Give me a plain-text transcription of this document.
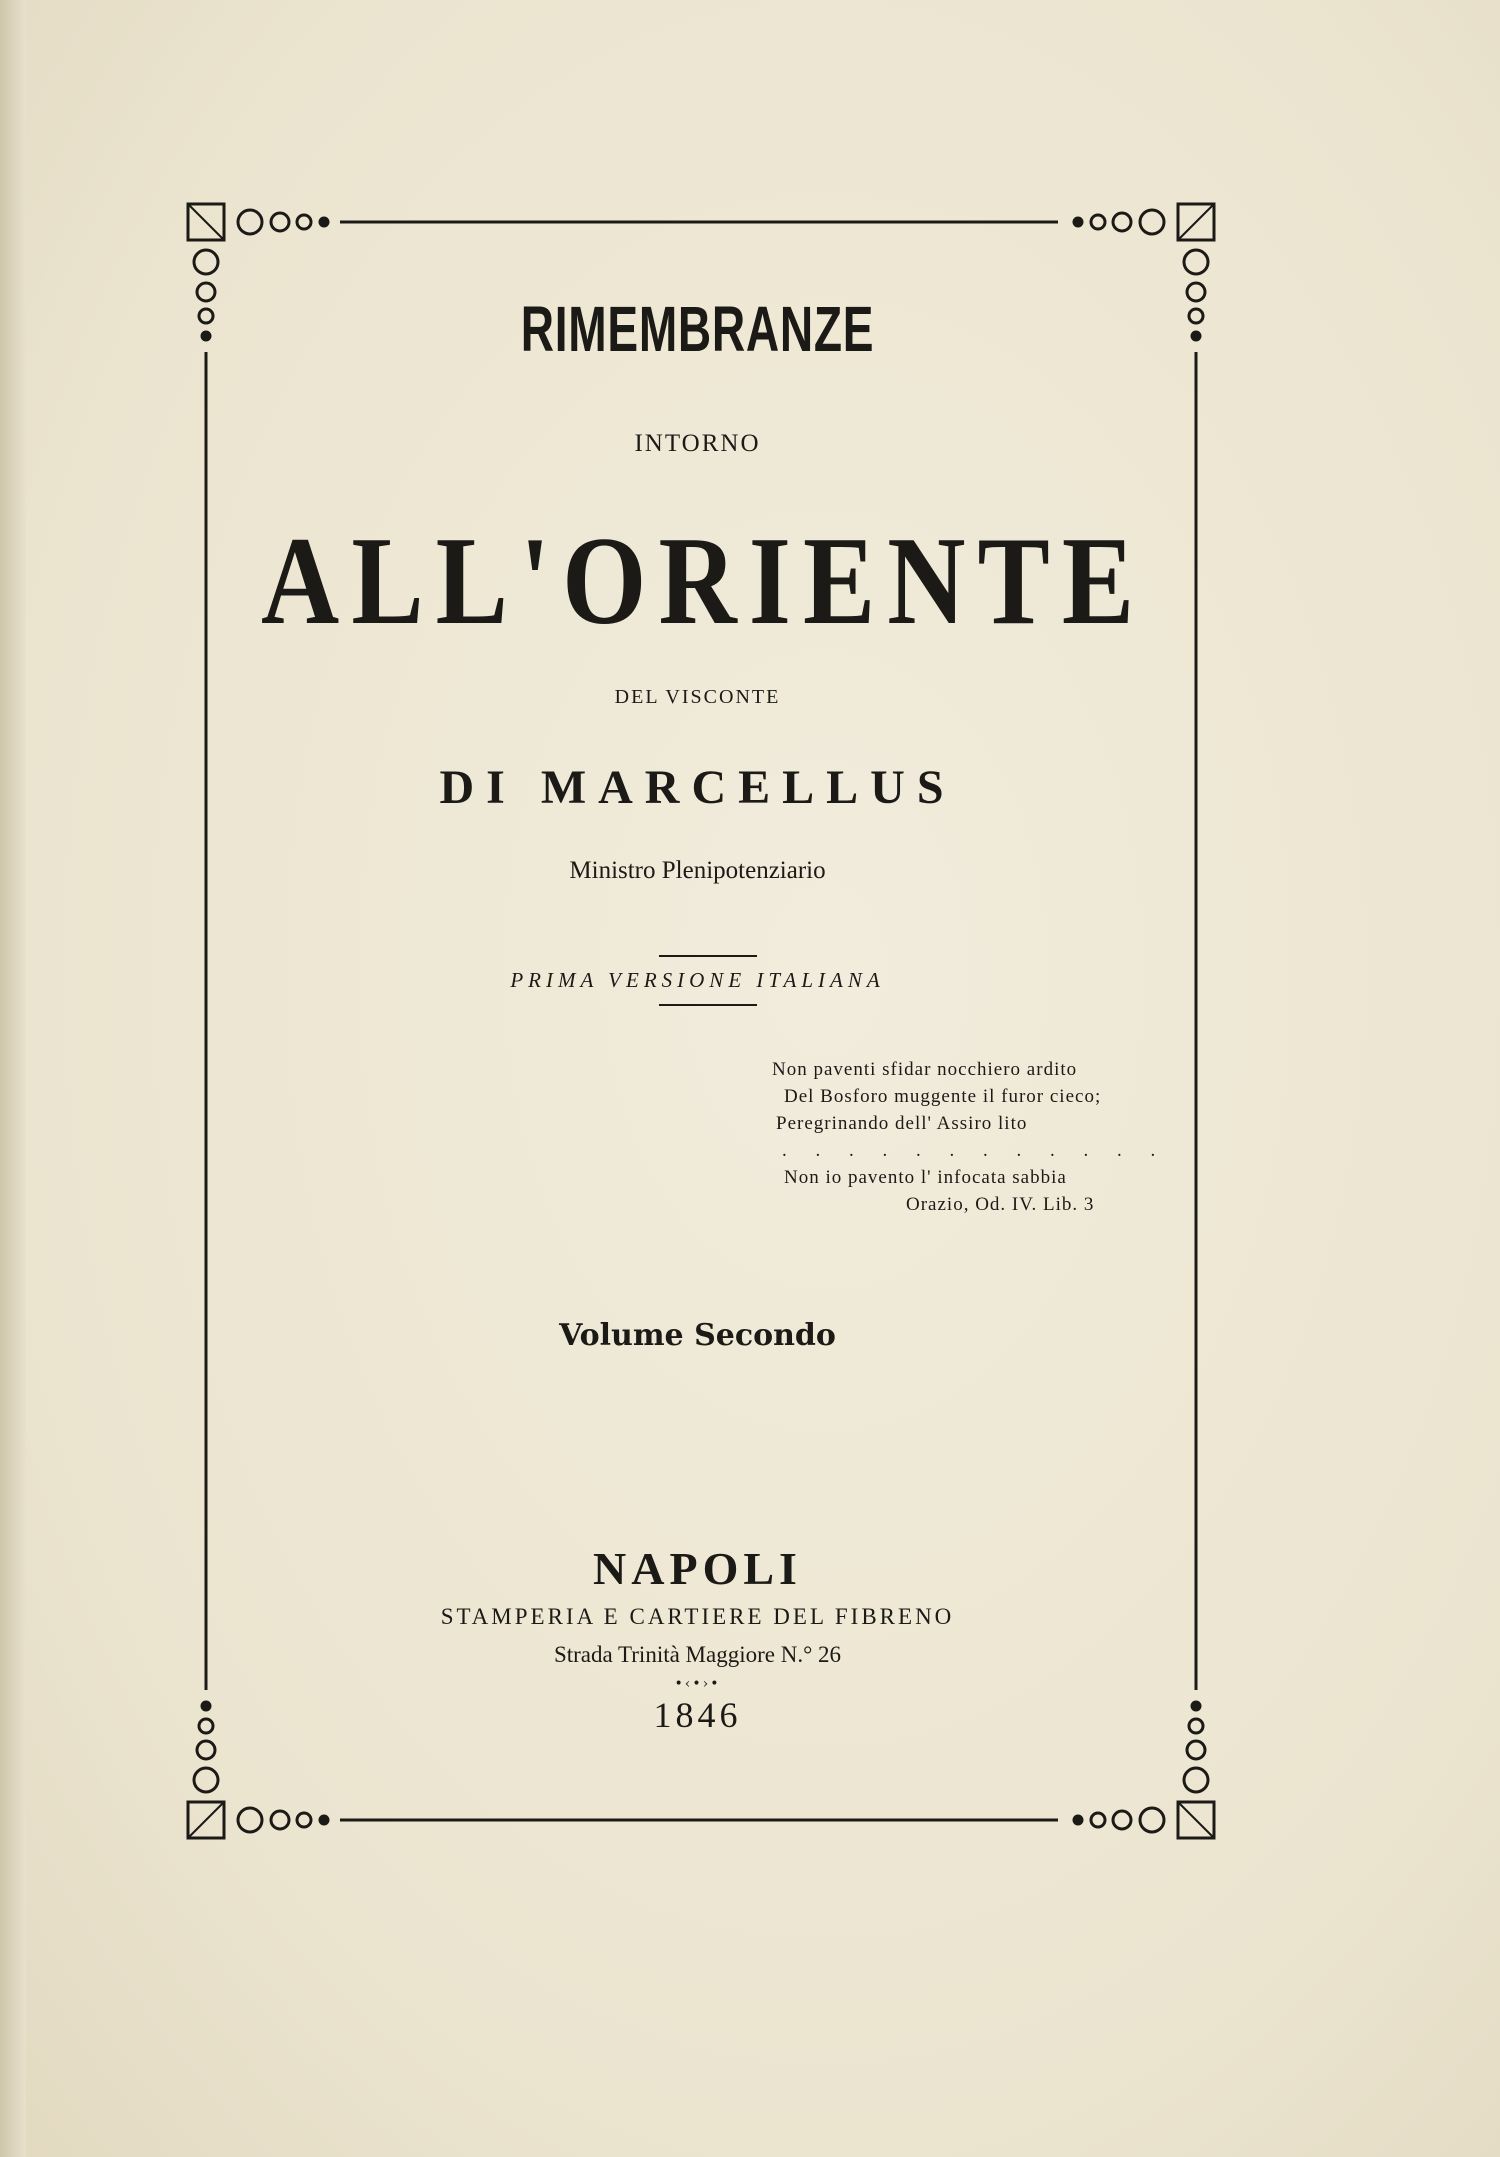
RIMEMBRANZE
INTORNO
ALL'ORIENTE
DEL VISCONTE
DI MARCELLUS
Ministro Plenipotenziario
PRIMA VERSIONE ITALIANA
Non paventi sfidar nocchiero ardito
Del Bosforo muggente il furor cieco;
Peregrinando dell' Assiro lito
. . . . . . . . . . . .
Non io pavento l' infocata sabbia
Orazio, Od. IV. Lib. 3
Volume Secondo
NAPOLI
STAMPERIA E CARTIERE DEL FIBRENO
Strada Trinità Maggiore N.° 26
•‹•›•
1846
